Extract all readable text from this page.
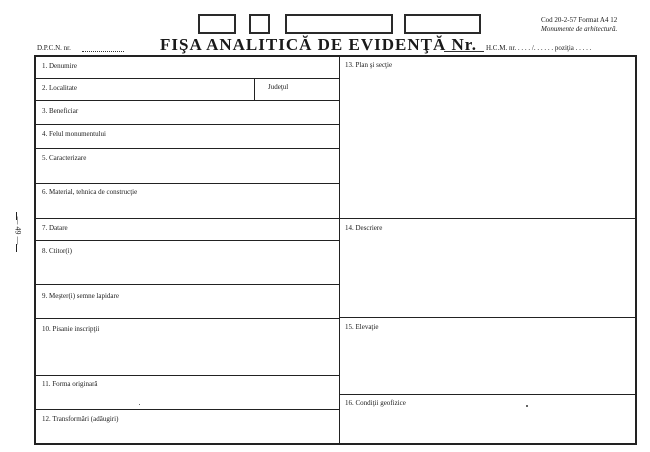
Cod 20-2-57 Format A4 12
Monumente de arhitectură.
D.P.C.N. nr.	FIŞA ANALITICĂ DE EVIDENŢĂ Nr. H.C.M. nr. . . . . /. . . . . . poziţia . . . . .
— 49 —
1. Denumire
2. Localitate	Judeţul
3. Beneficiar
4. Felul monumentului
5. Caracterizare
6. Material, tehnica de construcţie
7. Datare
8. Ctitor(i)
9. Meşter(i) semne lapidare
10. Pisanie inscripţii
11. Forma originară
12. Transformări (adăugiri)
13. Plan şi secţie
14. Descriere
15. Elevaţie
16. Condiţii geofizice
